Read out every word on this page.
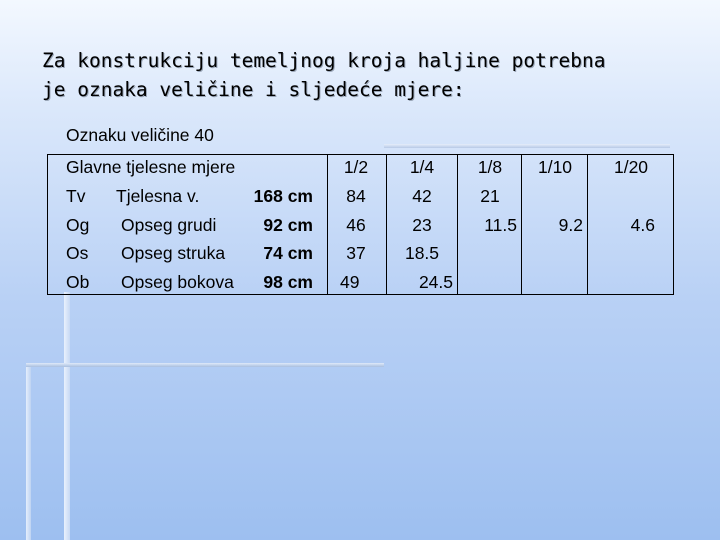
Za konstrukciju temeljnog kroja haljine potrebna
je oznaka veličine i sljedeće mjere:
Oznaku veličine 40
Glavne tjelesne mjere	1/2	1/4	1/8	1/10	1/20
Tv Tjelesna v.	168 cm	84	42	21
Og Opseg grudi	92 cm	46	23	11.5	9.2	4.6
Os Opseg struka	74 cm	37	18.5
Ob Opseg bokova	98 cm 49	24.5
